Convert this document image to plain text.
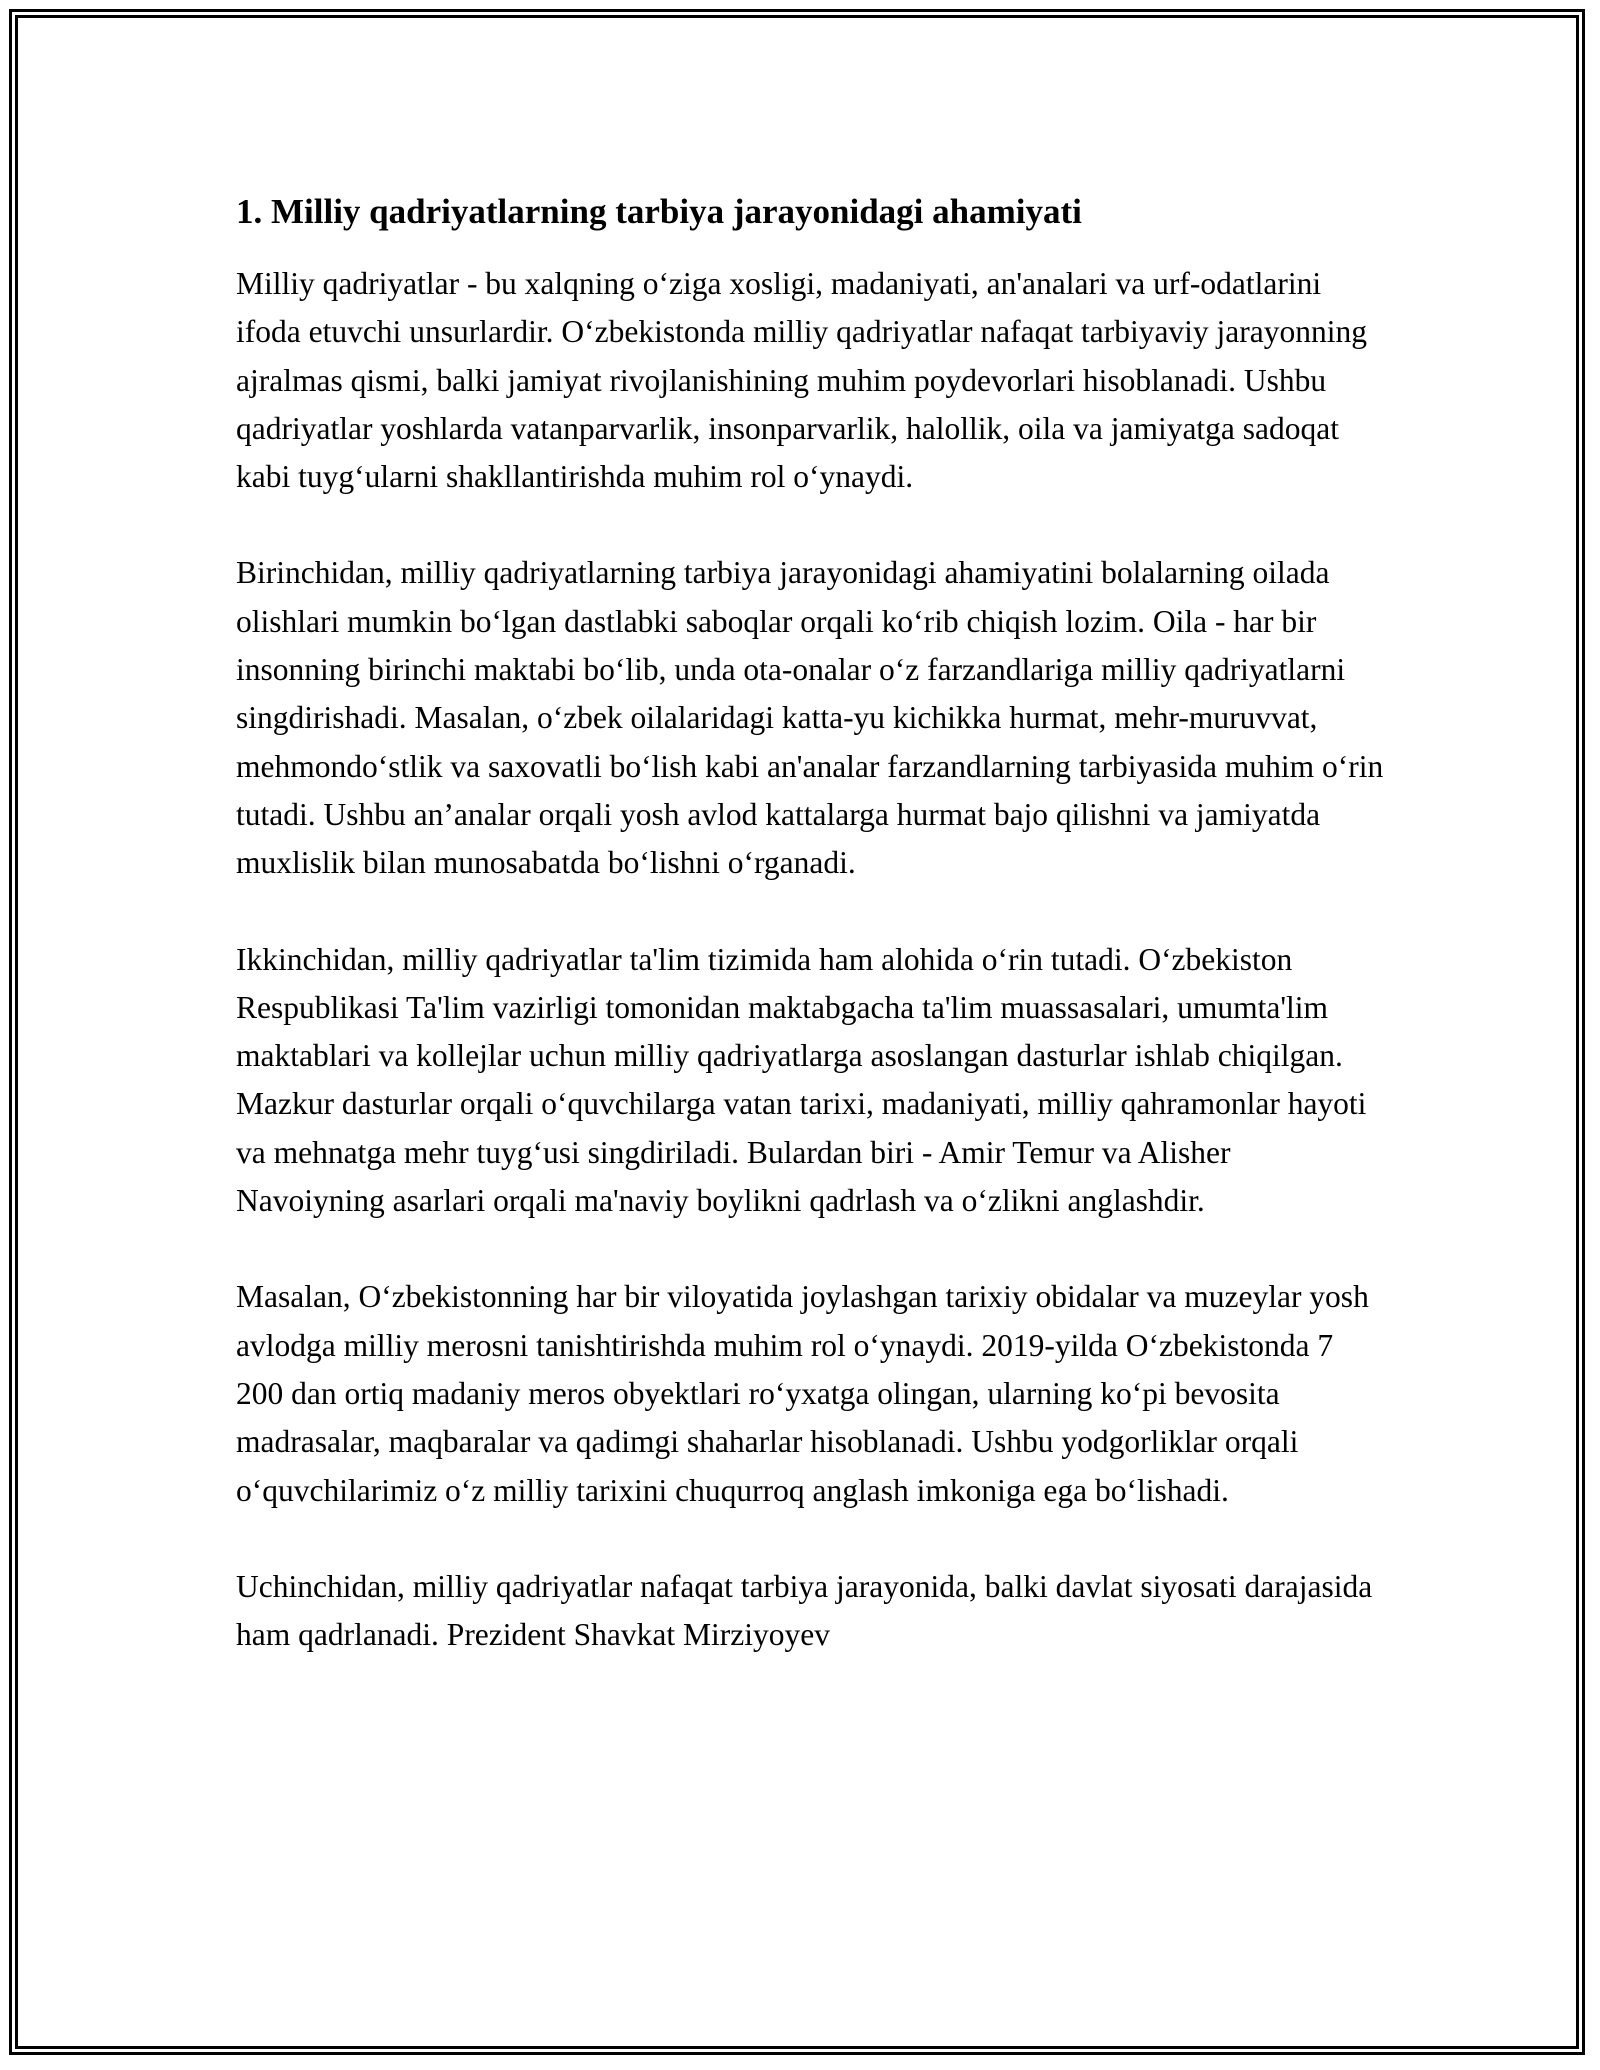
1. Milliy qadriyatlarning tarbiya jarayonidagi ahamiyati

Milliy qadriyatlar - bu xalqning o‘ziga xosligi, madaniyati, an'analari va urf-odatlarini ifoda etuvchi unsurlardir. O‘zbekistonda milliy qadriyatlar nafaqat tarbiyaviy jarayonning ajralmas qismi, balki jamiyat rivojlanishining muhim poydevorlari hisoblanadi. Ushbu qadriyatlar yoshlarda vatanparvarlik, insonparvarlik, halollik, oila va jamiyatga sadoqat kabi tuyg‘ularni shakllantirishda muhim rol o‘ynaydi.

Birinchidan, milliy qadriyatlarning tarbiya jarayonidagi ahamiyatini bolalarning oilada olishlari mumkin bo‘lgan dastlabki saboqlar orqali ko‘rib chiqish lozim. Oila - har bir insonning birinchi maktabi bo‘lib, unda ota-onalar o‘z farzandlariga milliy qadriyatlarni singdirishadi. Masalan, o‘zbek oilalaridagi katta-yu kichikka hurmat, mehr-muruvvat, mehmondo‘stlik va saxovatli bo‘lish kabi an'analar farzandlarning tarbiyasida muhim o‘rin tutadi. Ushbu an’analar orqali yosh avlod kattalarga hurmat bajo qilishni va jamiyatda muxlislik bilan munosabatda bo‘lishni o‘rganadi.

Ikkinchidan, milliy qadriyatlar ta'lim tizimida ham alohida o‘rin tutadi. O‘zbekiston Respublikasi Ta'lim vazirligi tomonidan maktabgacha ta'lim muassasalari, umumta'lim maktablari va kollejlar uchun milliy qadriyatlarga asoslangan dasturlar ishlab chiqilgan. Mazkur dasturlar orqali o‘quvchilarga vatan tarixi, madaniyati, milliy qahramonlar hayoti va mehnatga mehr tuyg‘usi singdiriladi. Bulardan biri - Amir Temur va Alisher Navoiyning asarlari orqali ma'naviy boylikni qadrlash va o‘zlikni anglashdir.

Masalan, O‘zbekistonning har bir viloyatida joylashgan tarixiy obidalar va muzeylar yosh avlodga milliy merosni tanishtirishda muhim rol o‘ynaydi. 2019-yilda O‘zbekistonda 7 200 dan ortiq madaniy meros obyektlari ro‘yxatga olingan, ularning ko‘pi bevosita madrasalar, maqbaralar va qadimgi shaharlar hisoblanadi. Ushbu yodgorliklar orqali o‘quvchilarimiz o‘z milliy tarixini chuqurroq anglash imkoniga ega bo‘lishadi.

Uchinchidan, milliy qadriyatlar nafaqat tarbiya jarayonida, balki davlat siyosati darajasida ham qadrlanadi. Prezident Shavkat Mirziyoyev
